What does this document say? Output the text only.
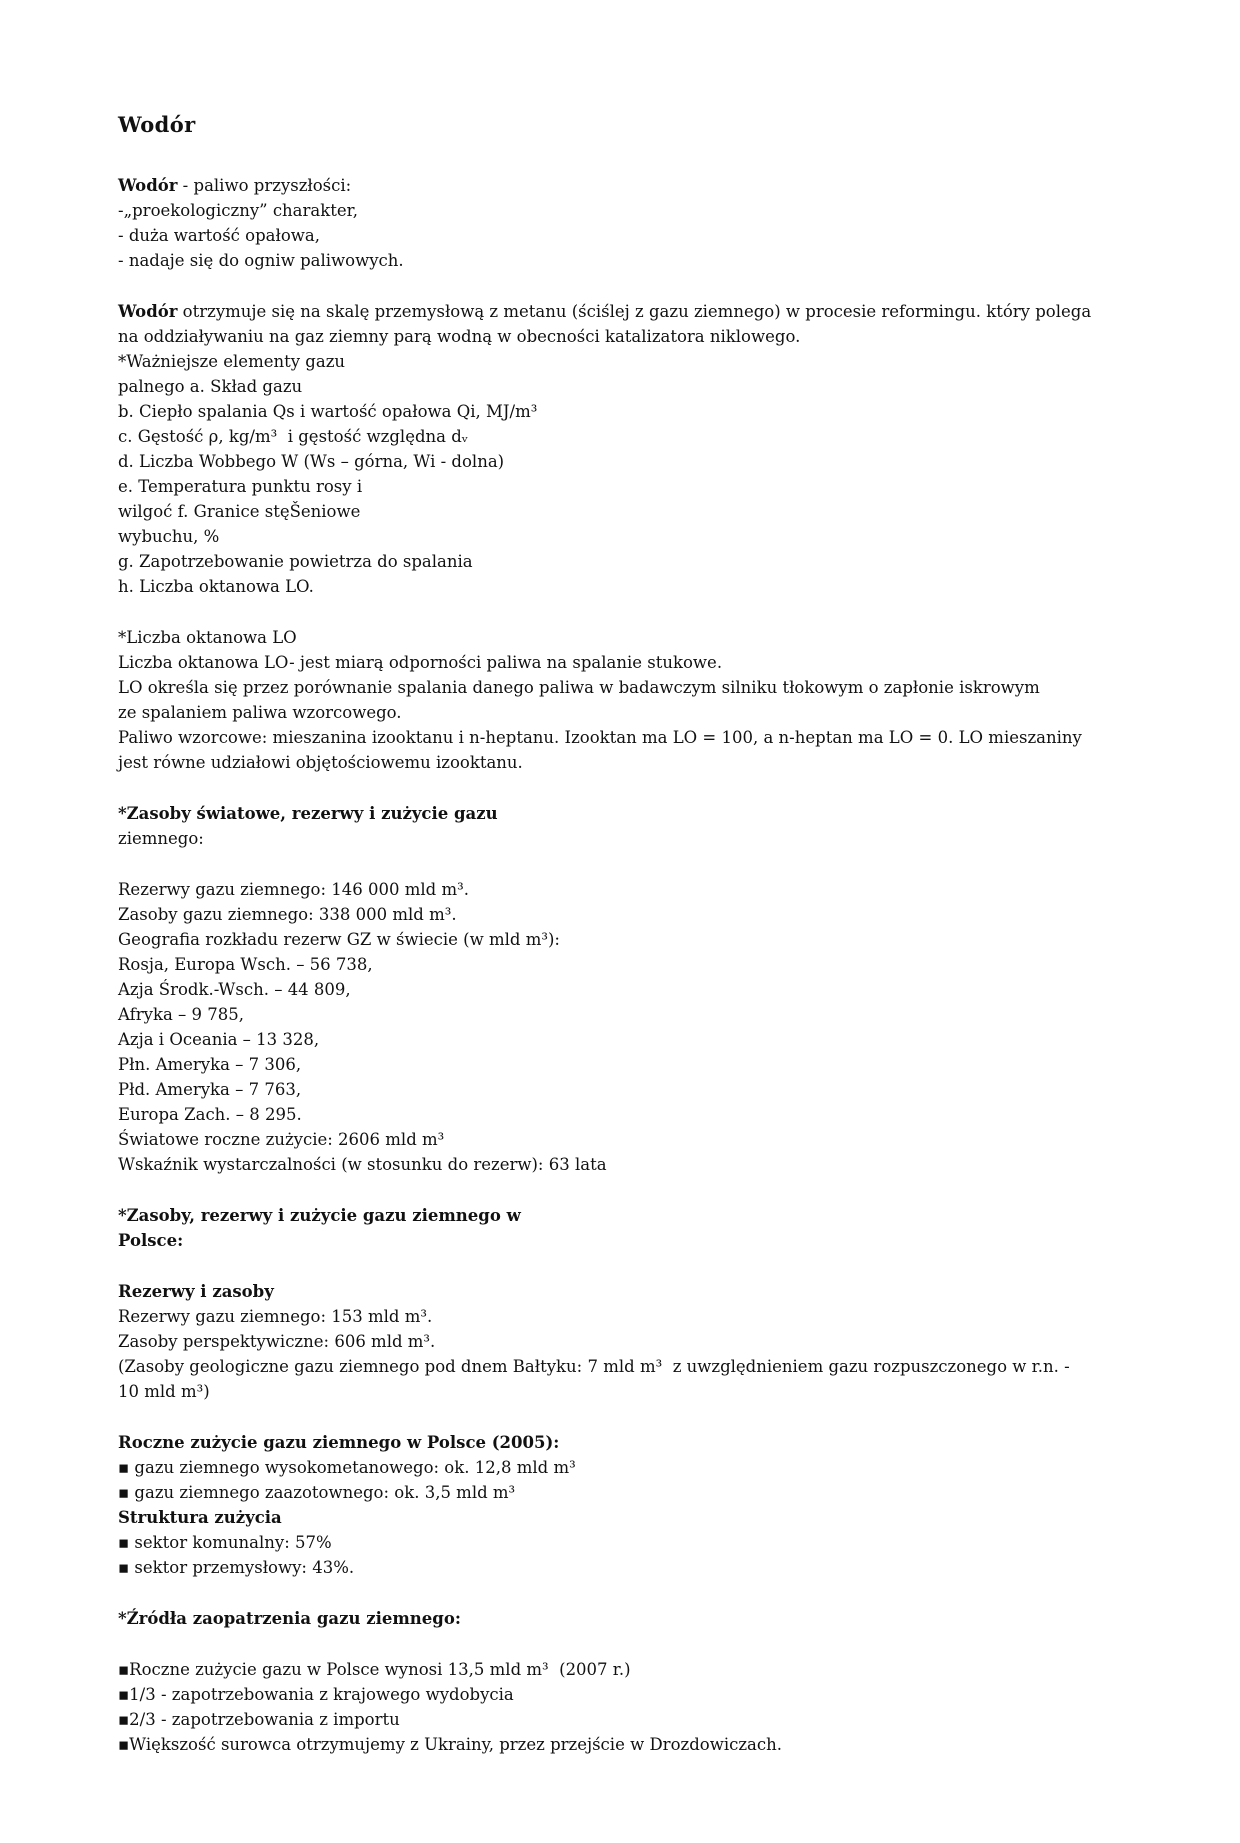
Wodór

Wodór - paliwo przyszłości:

-„proekologiczny” charakter,

- duża wartość opałowa,

- nadaje się do ogniw paliwowych.

Wodór otrzymuje się na skalę przemysłową z metanu (ściślej z gazu ziemnego) w procesie reformingu. który polega

na oddziaływaniu na gaz ziemny parą wodną w obecności katalizatora niklowego.

*Ważniejsze elementy gazu

palnego a. Skład gazu

b. Ciepło spalania Qs i wartość opałowa Qi, MJ/m³

c. Gęstość ρ, kg/m³  i gęstość względna dᵥ

d. Liczba Wobbego W (Ws – górna, Wi - dolna)

e. Temperatura punktu rosy i

wilgoć f. Granice stęŠeniowe

wybuchu, %

g. Zapotrzebowanie powietrza do spalania

h. Liczba oktanowa LO.

*Liczba oktanowa LO

Liczba oktanowa LO- jest miarą odporności paliwa na spalanie stukowe.

LO określa się przez porównanie spalania danego paliwa w badawczym silniku tłokowym o zapłonie iskrowym

ze spalaniem paliwa wzorcowego.

Paliwo wzorcowe: mieszanina izooktanu i n-heptanu. Izooktan ma LO = 100, a n-heptan ma LO = 0. LO mieszaniny

jest równe udziałowi objętościowemu izooktanu.

*Zasoby światowe, rezerwy i zużycie gazu

ziemnego:

Rezerwy gazu ziemnego: 146 000 mld m³.

Zasoby gazu ziemnego: 338 000 mld m³.

Geografia rozkładu rezerw GZ w świecie (w mld m³):

Rosja, Europa Wsch. – 56 738,

Azja Środk.-Wsch. – 44 809,

Afryka – 9 785,

Azja i Oceania – 13 328,

Płn. Ameryka – 7 306,

Płd. Ameryka – 7 763,

Europa Zach. – 8 295.

Światowe roczne zużycie: 2606 mld m³

Wskaźnik wystarczalności (w stosunku do rezerw): 63 lata

*Zasoby, rezerwy i zużycie gazu ziemnego w

Polsce:

Rezerwy i zasoby

Rezerwy gazu ziemnego: 153 mld m³.

Zasoby perspektywiczne: 606 mld m³.

(Zasoby geologiczne gazu ziemnego pod dnem Bałtyku: 7 mld m³  z uwzględnieniem gazu rozpuszczonego w r.n. -

10 mld m³)

Roczne zużycie gazu ziemnego w Polsce (2005):

▪ gazu ziemnego wysokometanowego: ok. 12,8 mld m³

▪ gazu ziemnego zaazotownego: ok. 3,5 mld m³

Struktura zużycia

▪ sektor komunalny: 57%

▪ sektor przemysłowy: 43%.

*Źródła zaopatrzenia gazu ziemnego:

▪Roczne zużycie gazu w Polsce wynosi 13,5 mld m³  (2007 r.)

▪1/3 - zapotrzebowania z krajowego wydobycia

▪2/3 - zapotrzebowania z importu

▪Większość surowca otrzymujemy z Ukrainy, przez przejście w Drozdowiczach.
